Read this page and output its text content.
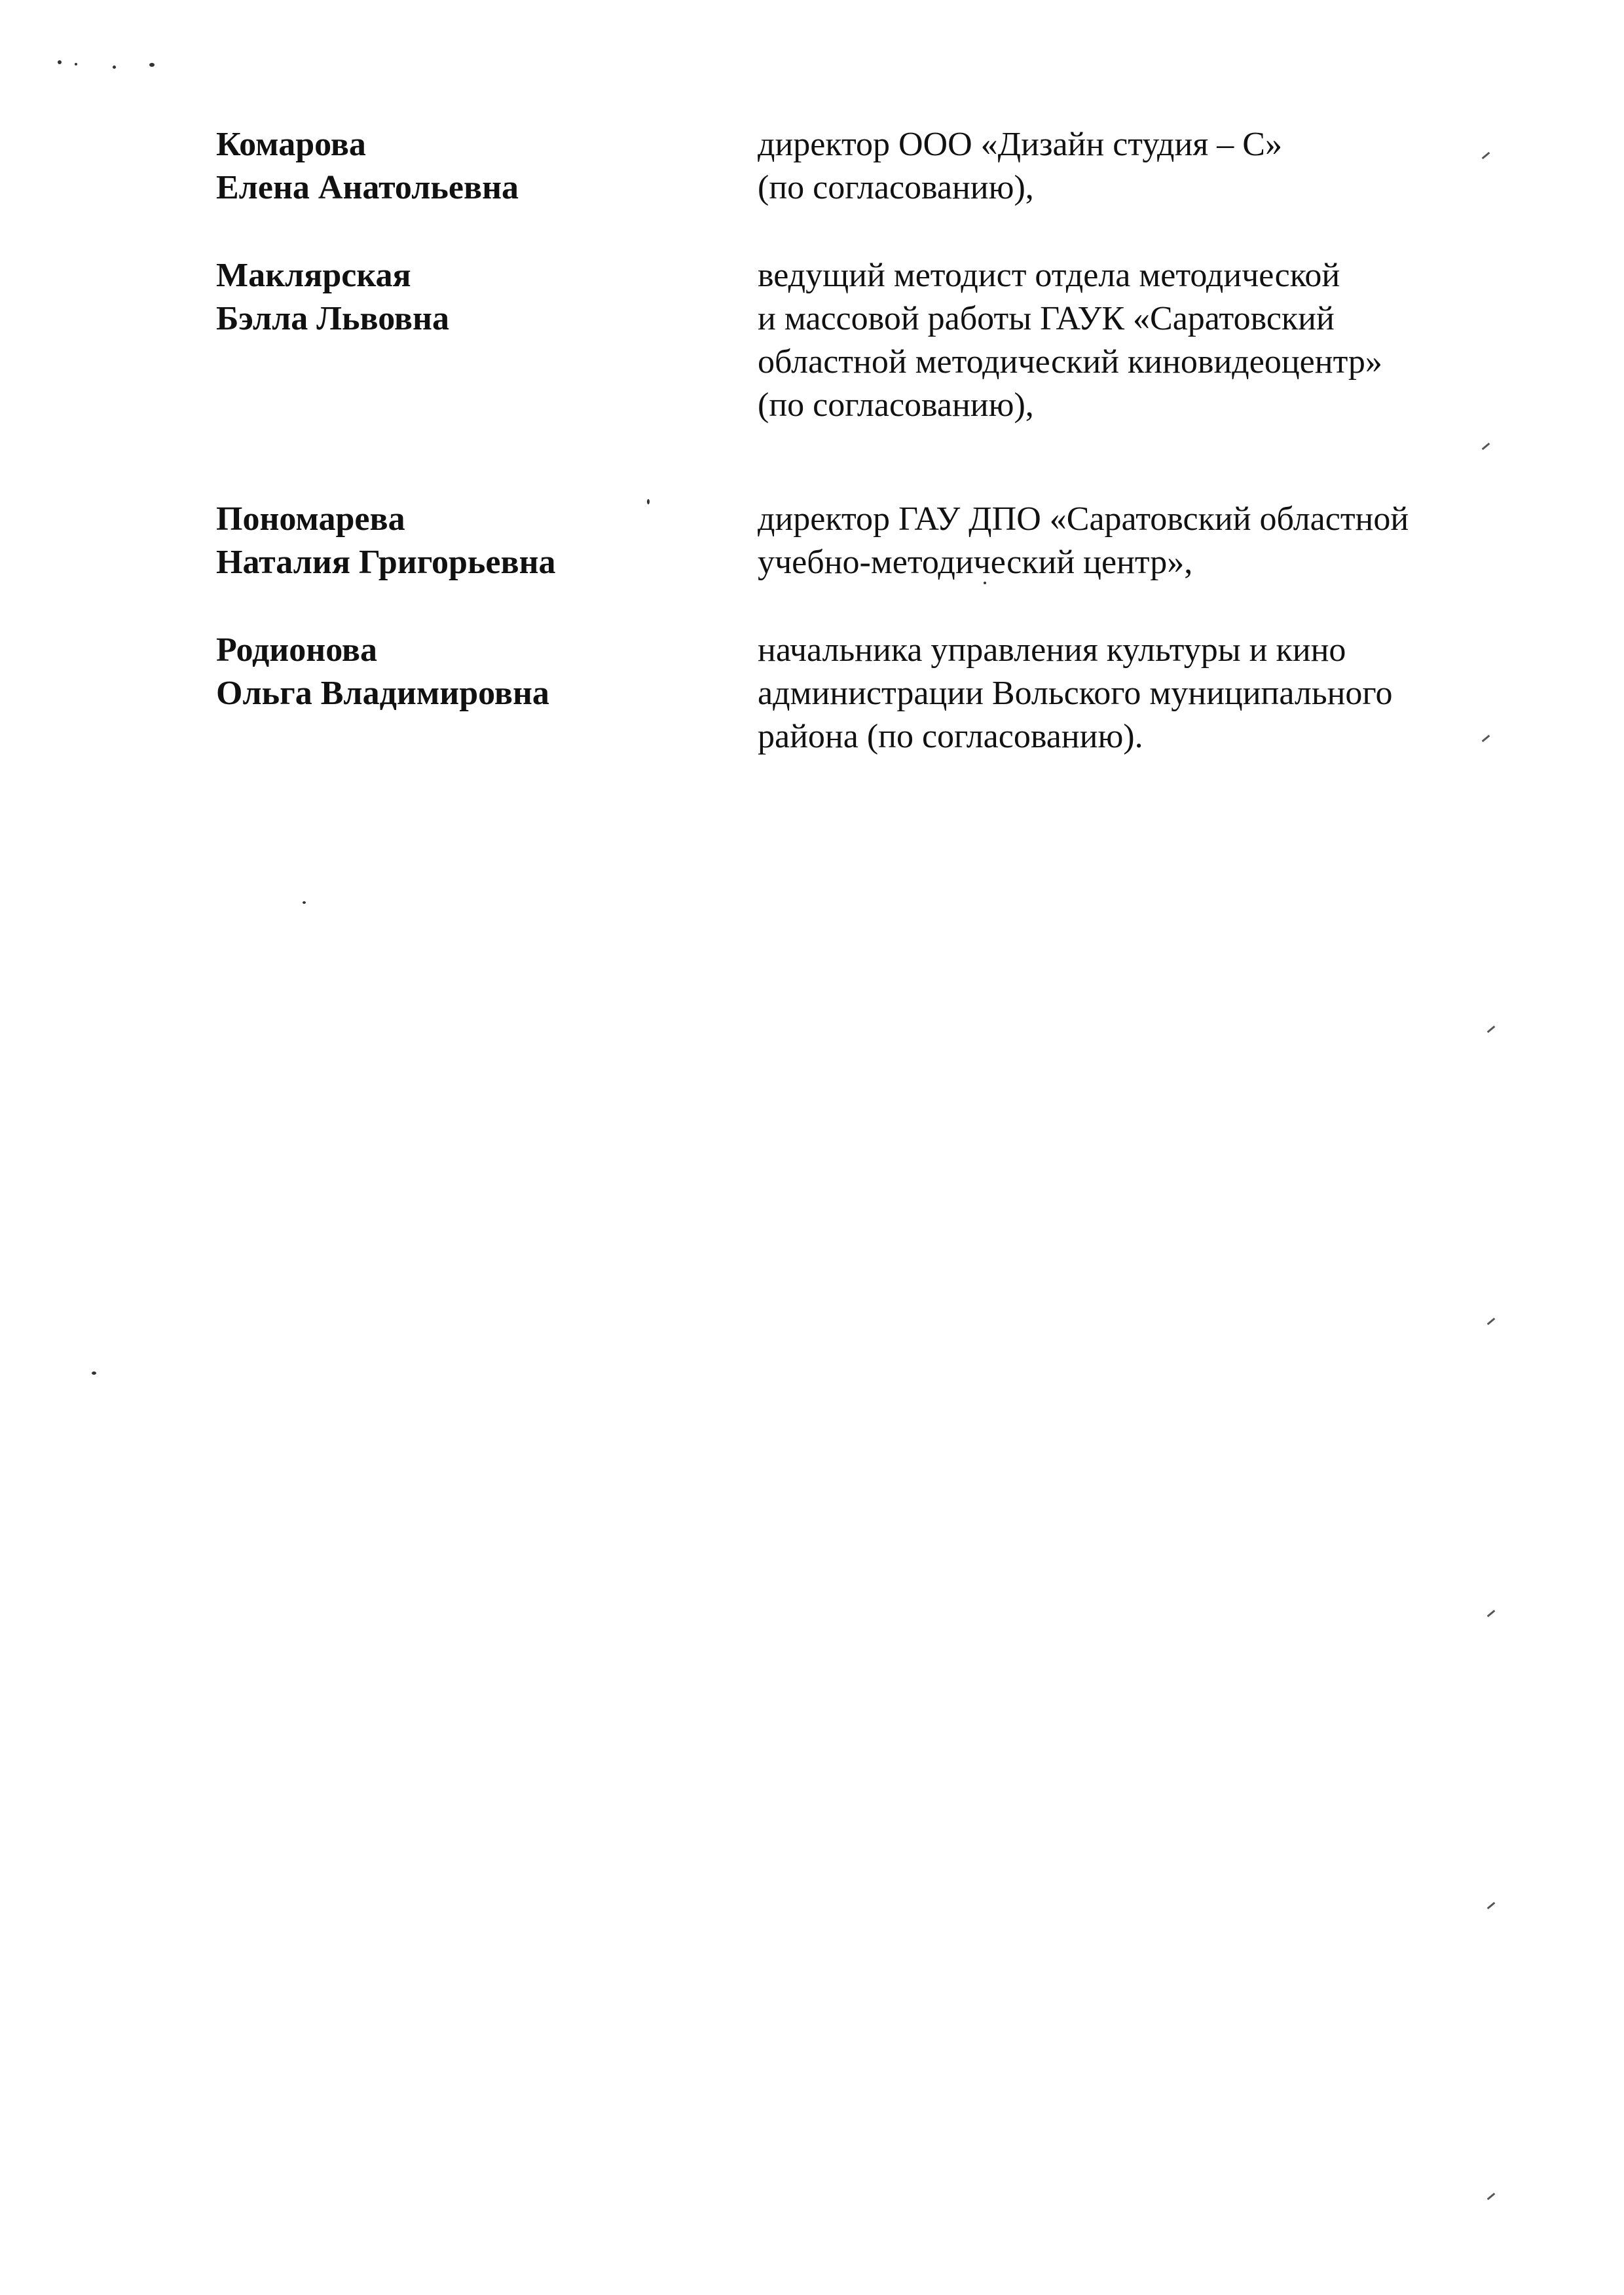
Комарова
Елена Анатольевна
директор ООО «Дизайн студия – С»
(по согласованию),
Маклярская
Бэлла Львовна
ведущий методист отдела методической
и массовой работы ГАУК «Саратовский
областной методический киновидеоцентр»
(по согласованию),
Пономарева
Наталия Григорьевна
директор ГАУ ДПО «Саратовский областной
учебно-методический центр»,
Родионова
Ольга Владимировна
начальника управления культуры и кино
администрации Вольского муниципального
района (по согласованию).
